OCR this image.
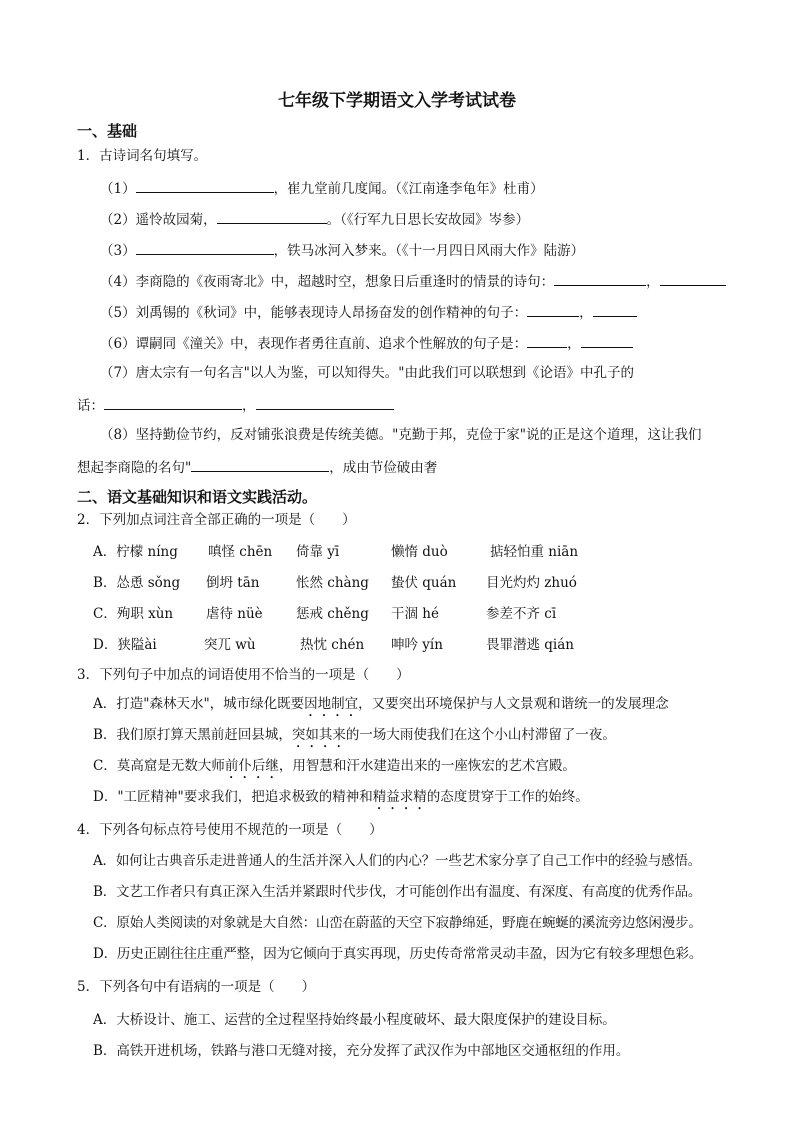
七年级下学期语文入学考试试卷
一、基础
1．古诗词名句填写。
（1）	，崔九堂前几度闻。（《江南逢李龟年》杜甫）
（2）遥怜故园菊，	。（《行军九日思长安故园》岑参）
（3）	，铁马冰河入梦来。（《十一月四日风雨大作》陆游）
（4）李商隐的《夜雨寄北》中，超越时空，想象日后重逢时的情景的诗句：	，
（5）刘禹锡的《秋词》中，能够表现诗人昂扬奋发的创作精神的句子：	，
（6）谭嗣同《潼关》中，表现作者勇往直前、追求个性解放的句子是：	，
（7）唐太宗有一句名言"以人为鉴，可以知得失。"由此我们可以联想到《论语》中孔子的
话：	，
（8）坚持勤俭节约，反对铺张浪费是传统美德。"克勤于邦，克俭于家"说的正是这个道理，这让我们
想起李商隐的名句"	，成由节俭破由奢
二、语文基础知识和语文实践活动。
2．下列加点词注音全部正确的一项是（　　）
A．柠檬 níng 嗔怪 chēn 倚靠 yī	懒惰 duò	掂轻怕重 niān
B．怂恿 sǒng 倒坍 tān	怅然 chàng 蛰伏 quán 目光灼灼 zhuó
C．殉职 xùn 虐待 nüè 惩戒 chěng 干涸 hé	参差不齐 cī
D．狭隘ài	突兀 wù	热忱 chén 呻吟 yín	畏罪潜逃 qián
3．下列句子中加点的词语使用不恰当的一项是（　　）
A．打造"森林天水"，城市绿化既要因地制宜，又要突出环境保护与人文景观和谐统一的发展理念
B．我们原打算天黑前赶回县城，突如其来的一场大雨使我们在这个小山村滞留了一夜。
C．莫高窟是无数大师前仆后继，用智慧和汗水建造出来的一座恢宏的艺术宫殿。
D．"工匠精神"要求我们，把追求极致的精神和精益求精的态度贯穿于工作的始终。
4．下列各句标点符号使用不规范的一项是（　　）
A．如何让古典音乐走进普通人的生活并深入人们的内心？一些艺术家分享了自己工作中的经验与感悟。
B．文艺工作者只有真正深入生活并紧跟时代步伐，才可能创作出有温度、有深度、有高度的优秀作品。
C．原始人类阅读的对象就是大自然：山峦在蔚蓝的天空下寂静绵延，野鹿在蜿蜒的溪流旁边悠闲漫步。
D．历史正剧往往庄重严整，因为它倾向于真实再现，历史传奇常常灵动丰盈，因为它有较多理想色彩。
5．下列各句中有语病的一项是（　　）
A．大桥设计、施工、运营的全过程坚持始终最小程度破坏、最大限度保护的建设目标。
B．高铁开进机场，铁路与港口无缝对接，充分发挥了武汉作为中部地区交通枢纽的作用。
